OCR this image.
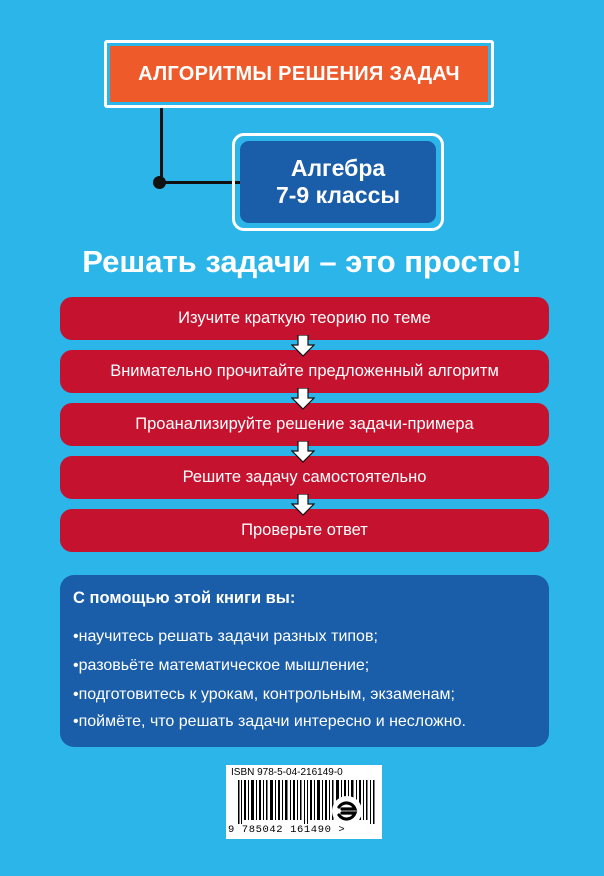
АЛГОРИТМЫ РЕШЕНИЯ ЗАДАЧ
Алгебра
7-9 классы
Решать задачи – это просто!
Изучите краткую теорию по теме
Внимательно прочитайте предложенный алгоритм
Проанализируйте решение задачи-примера
Решите задачу самостоятельно
Проверьте ответ
С помощью этой книги вы:
•научитесь решать задачи разных типов;
•разовьёте математическое мышление;
•подготовитесь к урокам, контрольным, экзаменам;
•поймёте, что решать задачи интересно и несложно.
ISBN 978-5-04-216149-0
9 785042 161490 >
